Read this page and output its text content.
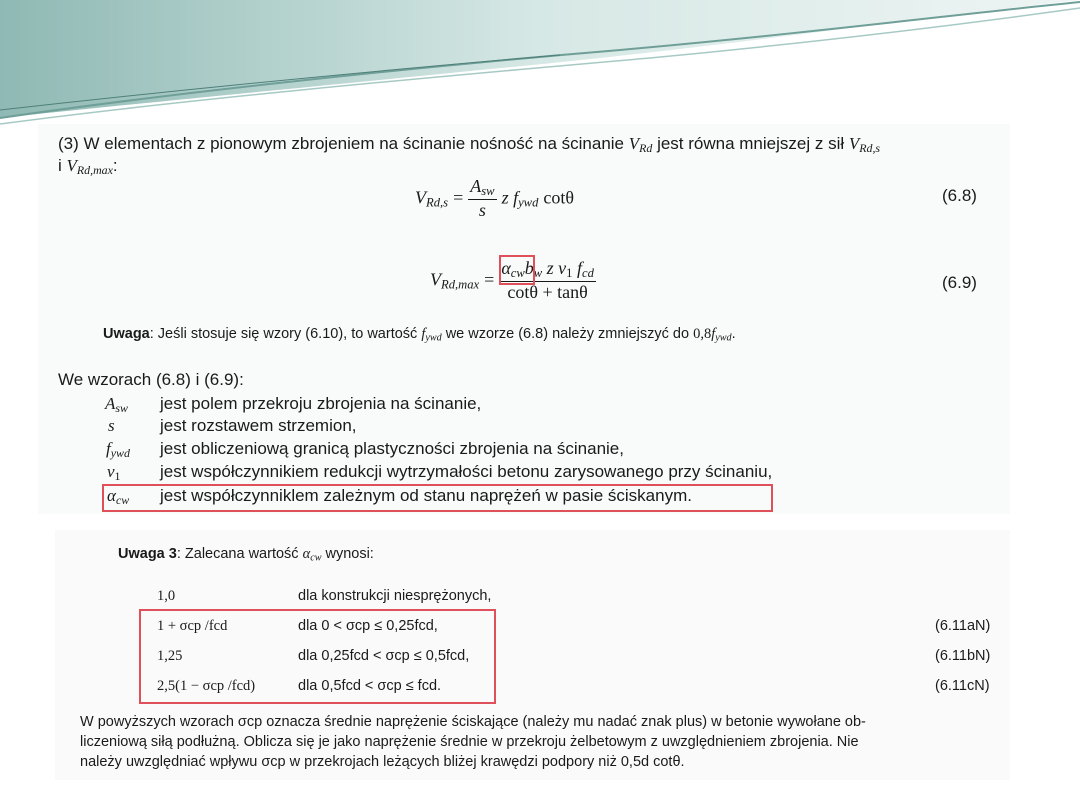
(3) W elementach z pionowym zbrojeniem na ścinanie nośność na ścinanie $V_{Rd}$ jest równa mniejszej z sił $V_{Rd,s}$
i $V_{Rd,max}$:
$V_{Rd,s} = \frac{A_{sw}}{s}$ z $f_{ywd}$ cotθ	(6.8)
$V_{Rd,max} = \frac{\alpha_{cw}b_w z \nu_1 f_{cd}}{\cot\theta + \tan\theta}$	(6.9)
Uwaga: Jeśli stosuje się wzory (6.10), to wartość $f_{ywd}$ we wzorze (6.8) należy zmniejszyć do $0,8f_{ywd}$.
We wzorach (6.8) i (6.9):
$A_{sw}$ jest polem przekroju zbrojenia na ścinanie,
s	jest rozstawem strzemion,
$f_{ywd}$ jest obliczeniową granicą plastyczności zbrojenia na ścinanie,
$\nu_1$ jest współczynnikiem redukcji wytrzymałości betonu zarysowanego przy ścinaniu,
$\alpha_{cw}$ jest współczynniklem zależnym od stanu naprężeń w pasie ściskanym.
Uwaga 3: Zalecana wartość $\alpha_{cw}$ wynosi:
1,0	dla konstrukcji niesprężonych,
1 + σcp /fcd	dla 0 < σcp ≤ 0,25fcd,	(6.11aN)
1,25	dla 0,25fcd < σcp ≤ 0,5fcd,	(6.11bN)
2,5(1 − σcp /fcd)	dla 0,5fcd < σcp ≤ fcd.	(6.11cN)
W powyższych wzorach σcp oznacza średnie naprężenie ściskające (należy mu nadać znak plus) w betonie wywołane ob-
liczeniową siłą podłużną. Oblicza się je jako naprężenie średnie w przekroju żelbetowym z uwzględnieniem zbrojenia. Nie
należy uwzględniać wpływu σcp w przekrojach leżących bliżej krawędzi podpory niż 0,5d cotθ.
